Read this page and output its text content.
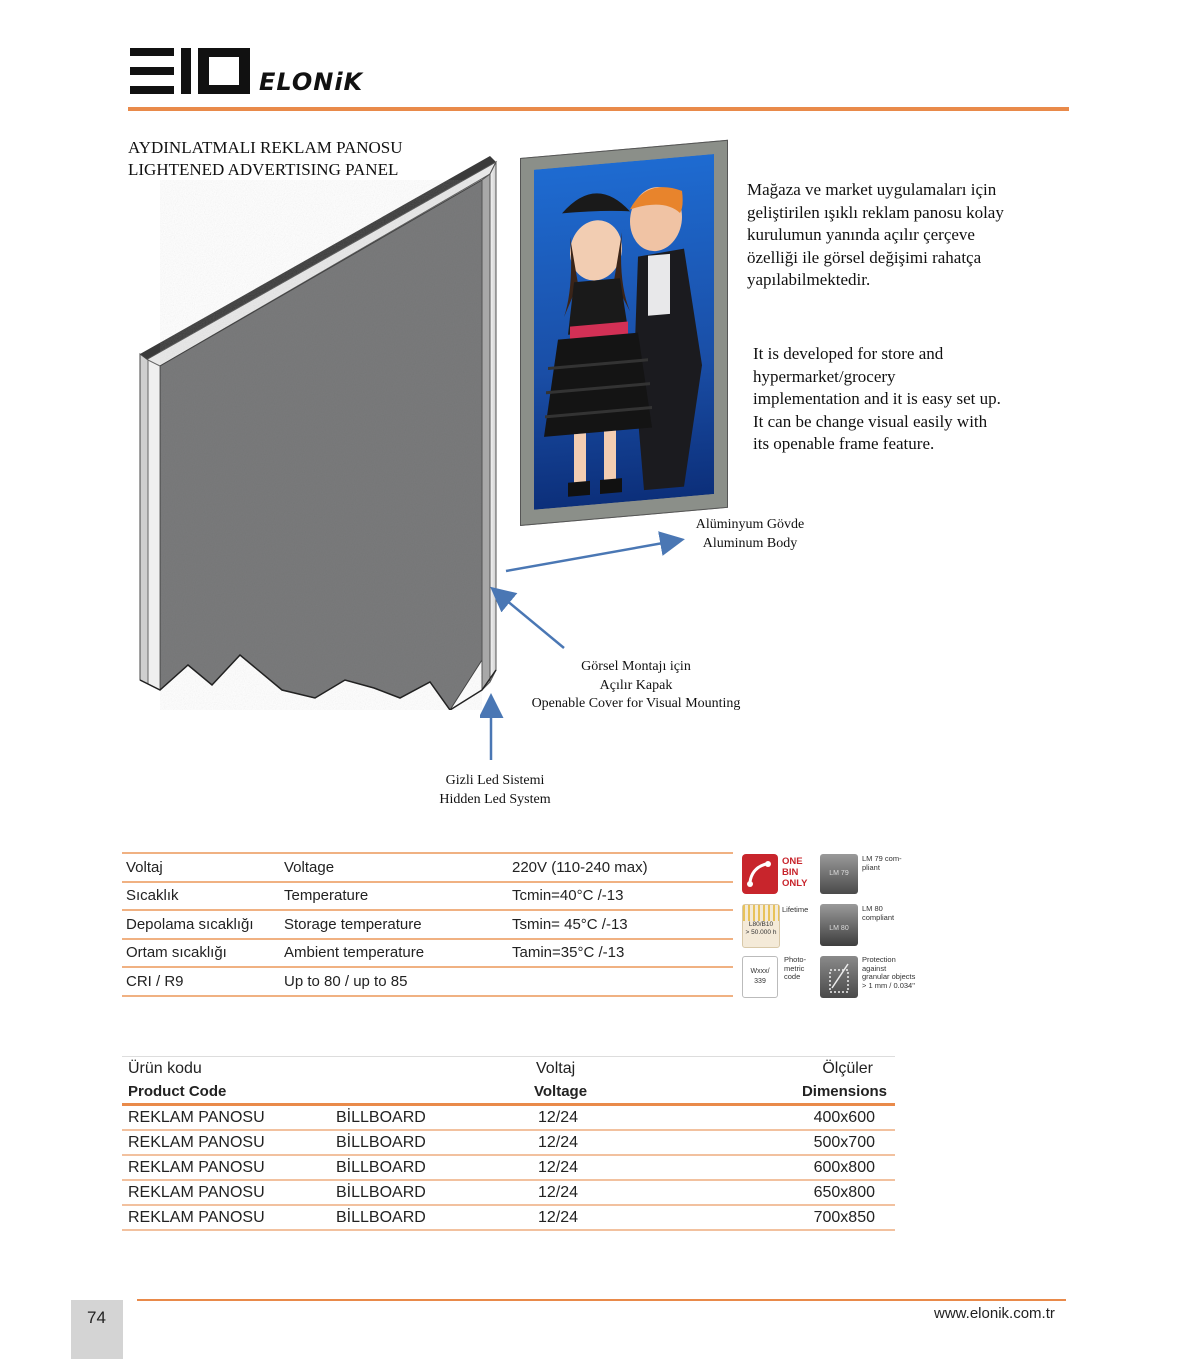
ELONiK
AYDINLATMALI REKLAM PANOSU
LIGHTENED ADVERTISING PANEL
Mağaza ve market uygulamaları için geliştirilen ışıklı reklam panosu kolay kurulumun yanında açılır çerçeve özelliği ile görsel değişimi rahatça yapılabilmektedir.
It is developed for store and hypermarket/grocery implementation and it is easy set up. It can be change visual easily with its openable frame feature.
Alüminyum Gövde
Aluminum Body
Görsel Montajı için
Açılır Kapak
Openable Cover for Visual Mounting
Gizli Led Sistemi
Hidden Led System
Voltaj	Voltage	220V (110-240 max)
Sıcaklık	Temperature	Tcmin=40°C /-13
Depolama sıcaklığı	Storage temperature	Tsmin= 45°C /-13
Ortam sıcaklığı	Ambient temperature	Tamin=35°C /-13
CRI / R9	Up to 80 / up to 85	
ONE
BIN
ONLY
LM 79
LM 79 com-
pliant
L80/B10
> 50.000 h
Lifetime
LM 80
LM 80
compliant
Wxxx/
339
Photo-
metric
code
Protection
against
granular objects
> 1 mm / 0.034"
Ürün kodu		Voltaj	Ölçüler
Product Code		Voltage	Dimensions
REKLAM PANOSU	BİLLBOARD	12/24	400x600
REKLAM PANOSU	BİLLBOARD	12/24	500x700
REKLAM PANOSU	BİLLBOARD	12/24	600x800
REKLAM PANOSU	BİLLBOARD	12/24	650x800
REKLAM PANOSU	BİLLBOARD	12/24	700x850
74	www.elonik.com.tr
